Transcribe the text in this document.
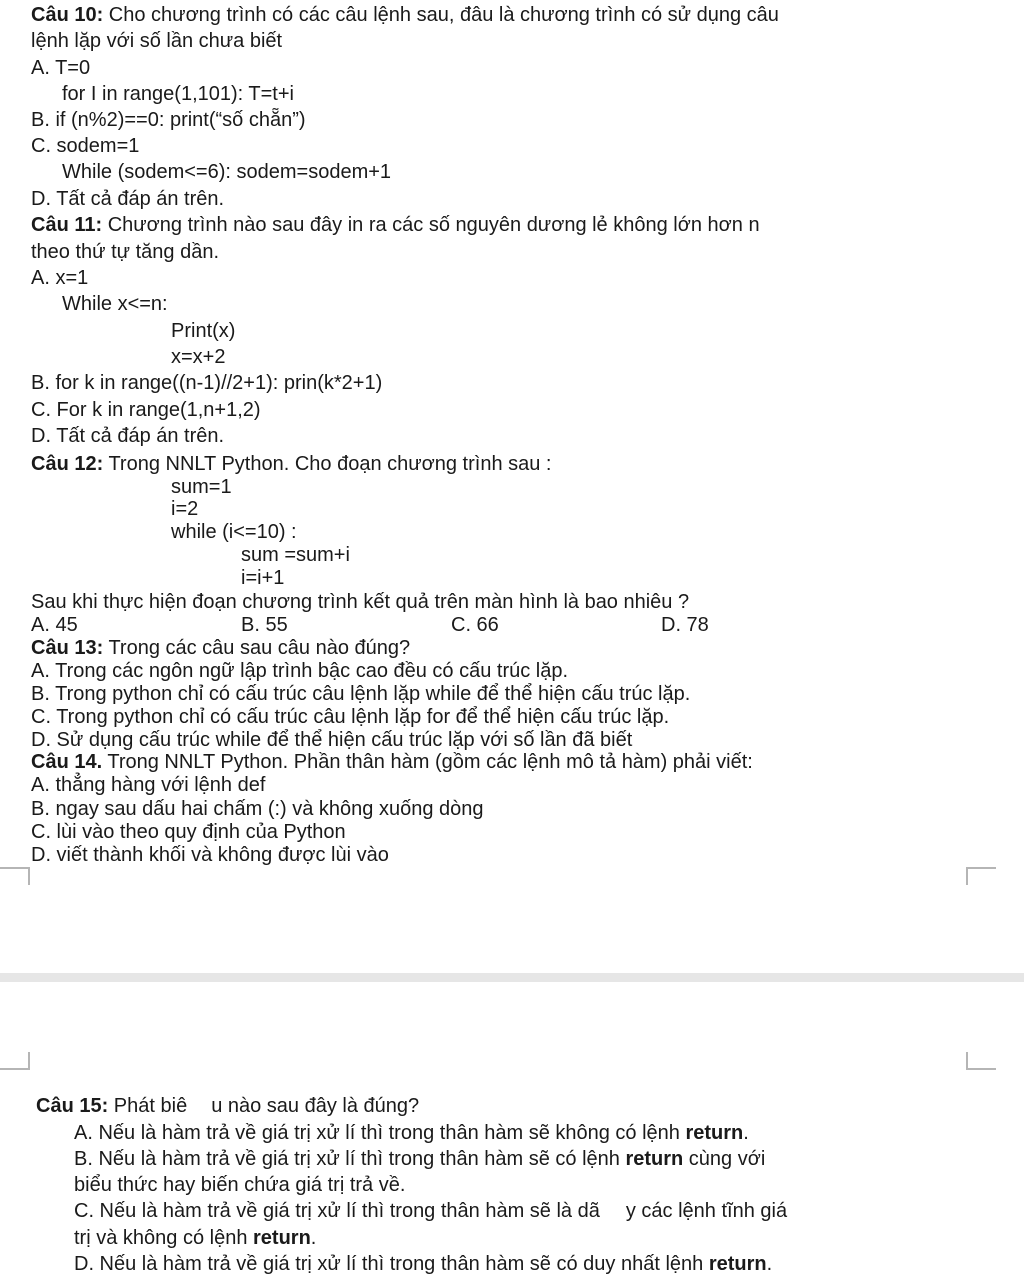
Câu 10: Cho chương trình có các câu lệnh sau, đâu là chương trình có sử dụng câu
lệnh lặp với số lần chưa biết
A. T=0
for I in range(1,101): T=t+i
B. if (n%2)==0: print(“số chẵn”)
C. sodem=1
While (sodem<=6): sodem=sodem+1
D. Tất cả đáp án trên.
Câu 11: Chương trình nào sau đây in ra các số nguyên dương lẻ không lớn hơn n
theo thứ tự tăng dần.
A. x=1
While x<=n:
Print(x)
x=x+2
B. for k in range((n-1)//2+1): prin(k*2+1)
C. For k in range(1,n+1,2)
D. Tất cả đáp án trên.
Câu 12: Trong NNLT Python. Cho đoạn chương trình sau :
sum=1
i=2
while (i<=10) :
sum =sum+i
i=i+1
Sau khi thực hiện đoạn chương trình kết quả trên màn hình là bao nhiêu ?
A. 45	B. 55	C. 66	D. 78
Câu 13: Trong các câu sau câu nào đúng?
A. Trong các ngôn ngữ lập trình bậc cao đều có cấu trúc lặp.
B. Trong python chỉ có cấu trúc câu lệnh lặp while để thể hiện cấu trúc lặp.
C. Trong python chỉ có cấu trúc câu lệnh lặp for để thể hiện cấu trúc lặp.
D. Sử dụng cấu trúc while để thể hiện cấu trúc lặp với số lần đã biết
Câu 14. Trong NNLT Python. Phần thân hàm (gồm các lệnh mô tả hàm) phải viết:
A. thẳng hàng với lệnh def
B. ngay sau dấu hai chấm (:) và không xuống dòng
C. lùi vào theo quy định của Python
D. viết thành khối và không được lùi vào
Câu 15: Phát biê u nào sau đây là đúng?
A. Nếu là hàm trả về giá trị xử lí thì trong thân hàm sẽ không có lệnh return.
B. Nếu là hàm trả về giá trị xử lí thì trong thân hàm sẽ có lệnh return cùng với
biểu thức hay biến chứa giá trị trả về.
C. Nếu là hàm trả về giá trị xử lí thì trong thân hàm sẽ là dã y các lệnh tĩnh giá
trị và không có lệnh return.
D. Nếu là hàm trả về giá trị xử lí thì trong thân hàm sẽ có duy nhất lệnh return.
